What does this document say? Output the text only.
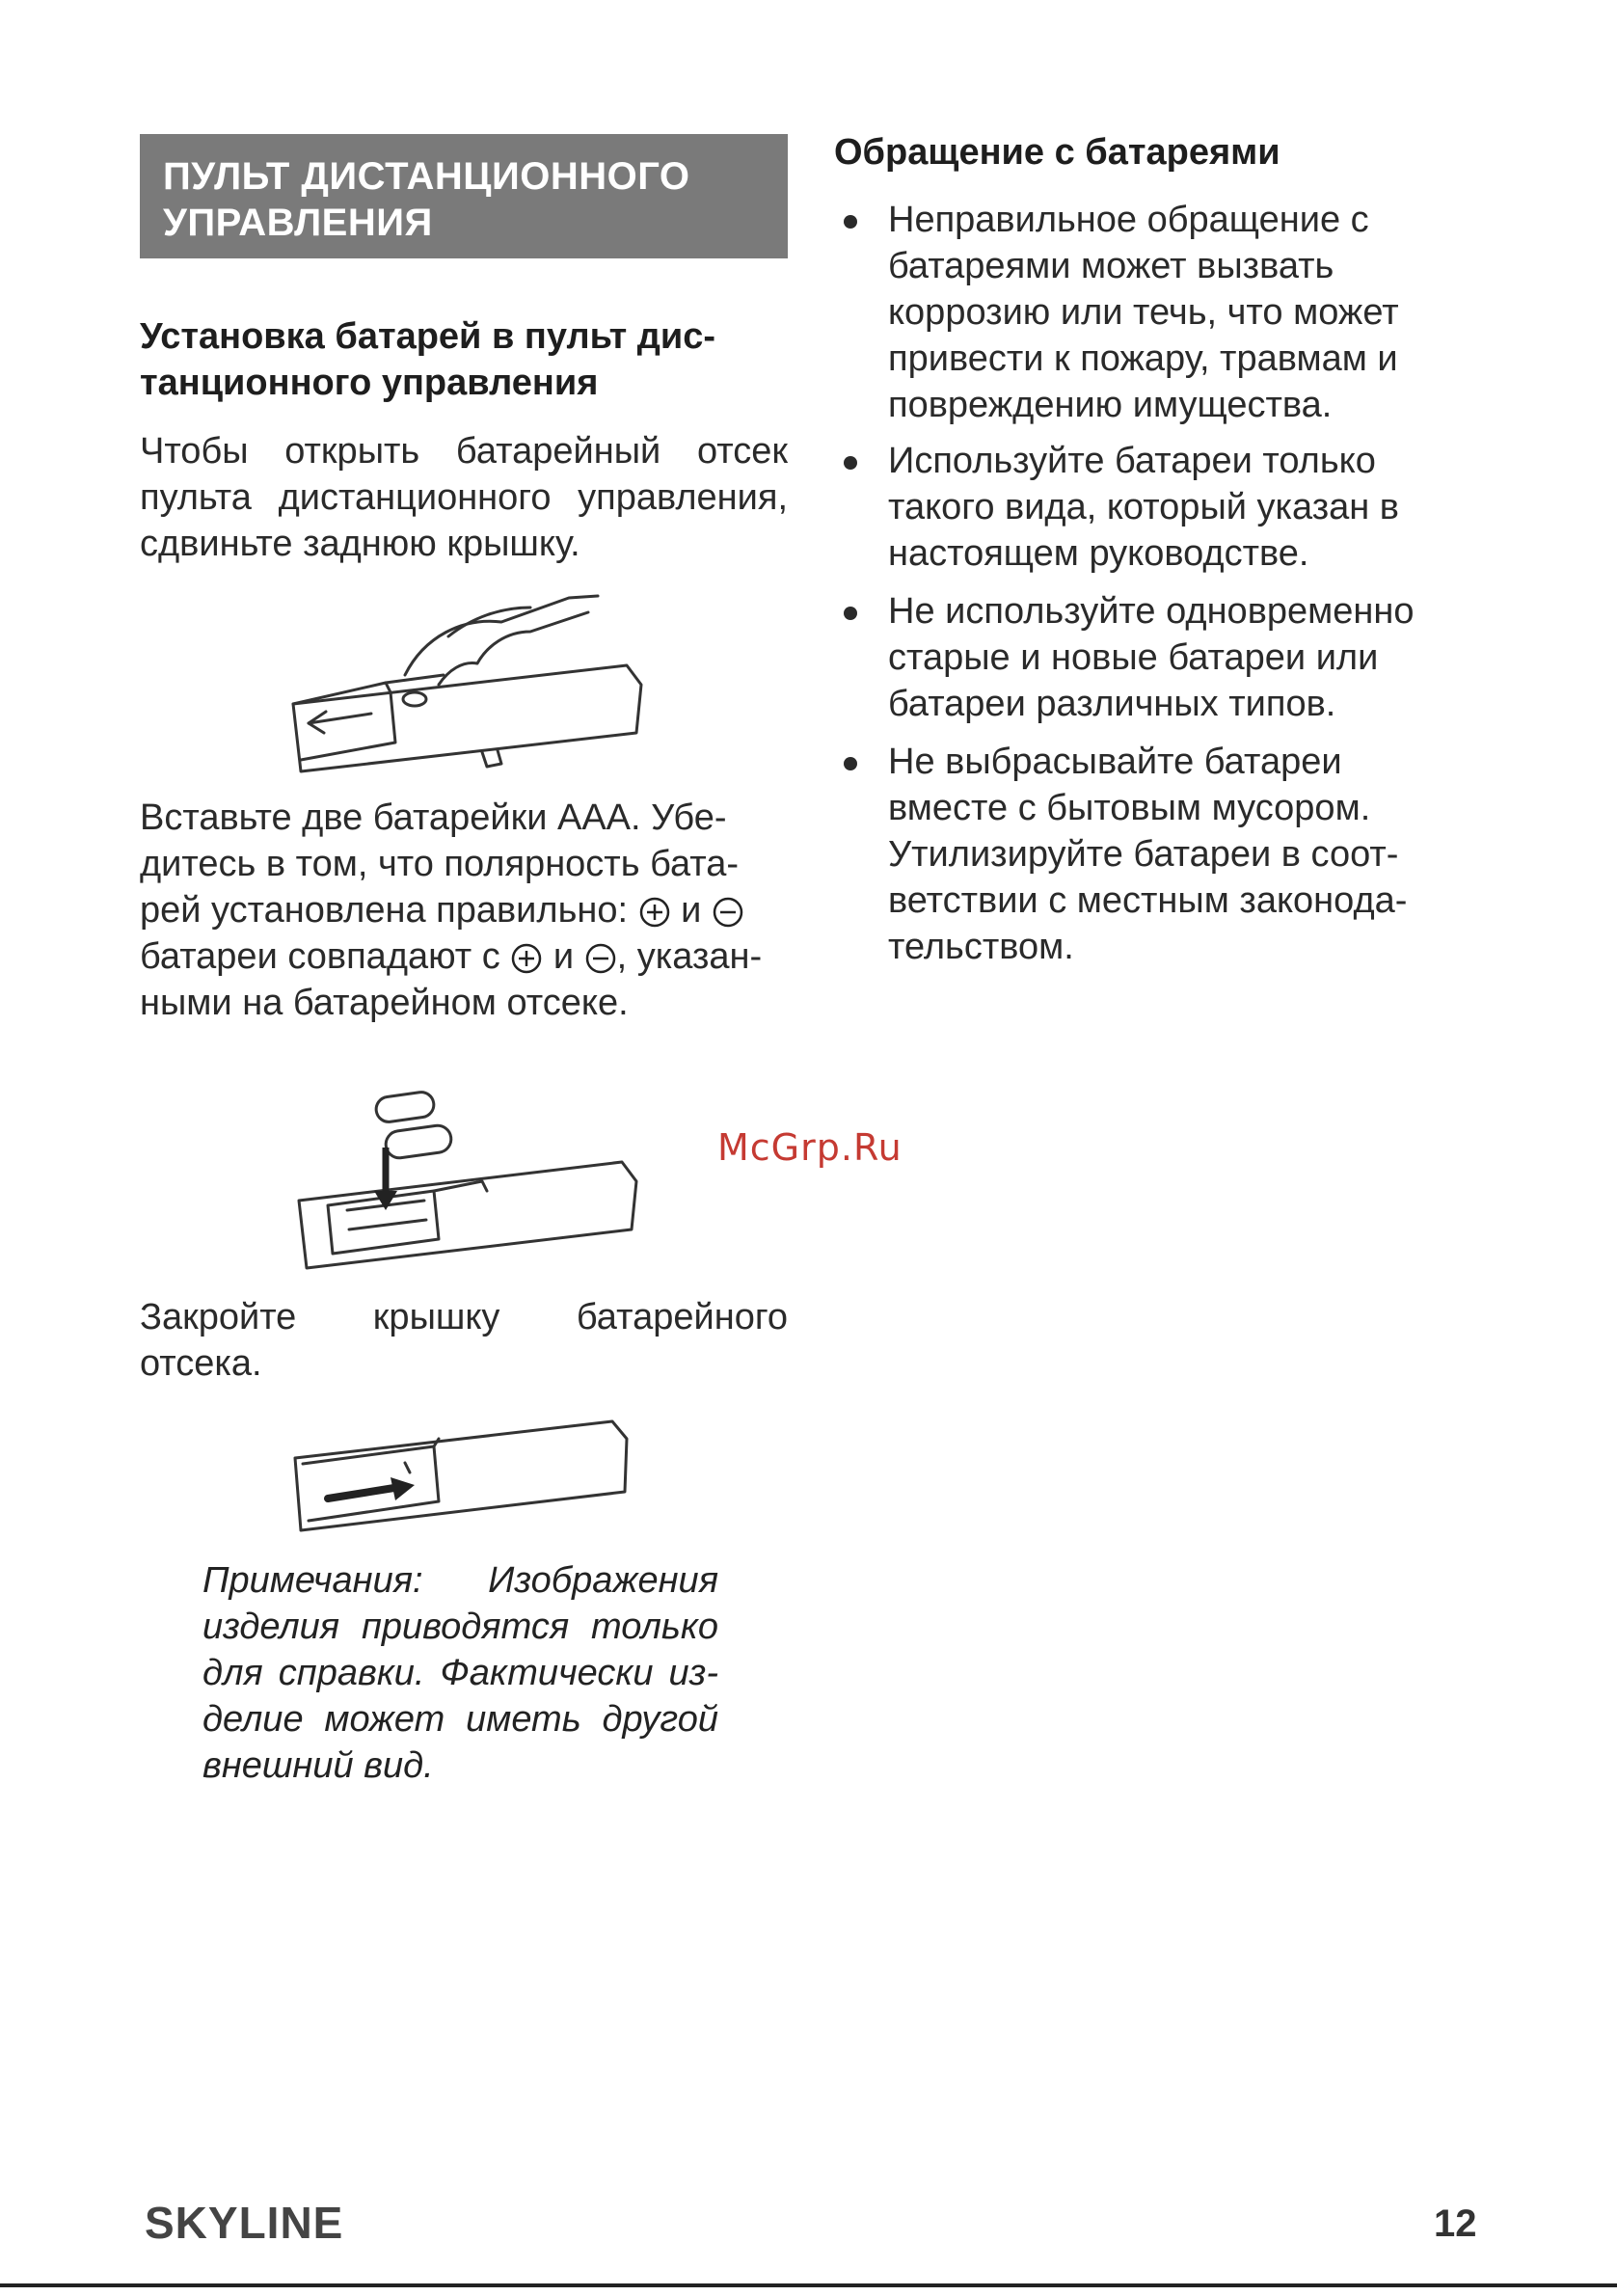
ПУЛЬТ ДИСТАНЦИОННОГО
УПРАВЛЕНИЯ
Установка батарей в пульт дис-
танционного управления
Чтобы открыть батарейный отсек
пульта дистанционного управления,
сдвиньте заднюю крышку.
Вставьте две батарейки ААА. Убе-
дитесь в том, что полярность бата-
рей установлена правильно:  и
батареи совпадают с  и , указан-
ными на батарейном отсеке.
Закройте крышку батарейного
отсека.
Примечания: Изображения
изделия приводятся только
для справки. Фактически из-
делие может иметь другой
внешний вид.
Обращение с батареями
Неправильное обращение с
батареями может вызвать
коррозию или течь, что может
привести к пожару, травмам и
повреждению имущества.
Используйте батареи только
такого вида, который указан в
настоящем руководстве.
Не используйте одновременно
старые и новые батареи или
батареи различных типов.
Не выбрасывайте батареи
вместе с бытовым мусором.
Утилизируйте батареи в соот-
ветствии с местным законода-
тельством.
McGrp.Ru
SKYLINE	12
